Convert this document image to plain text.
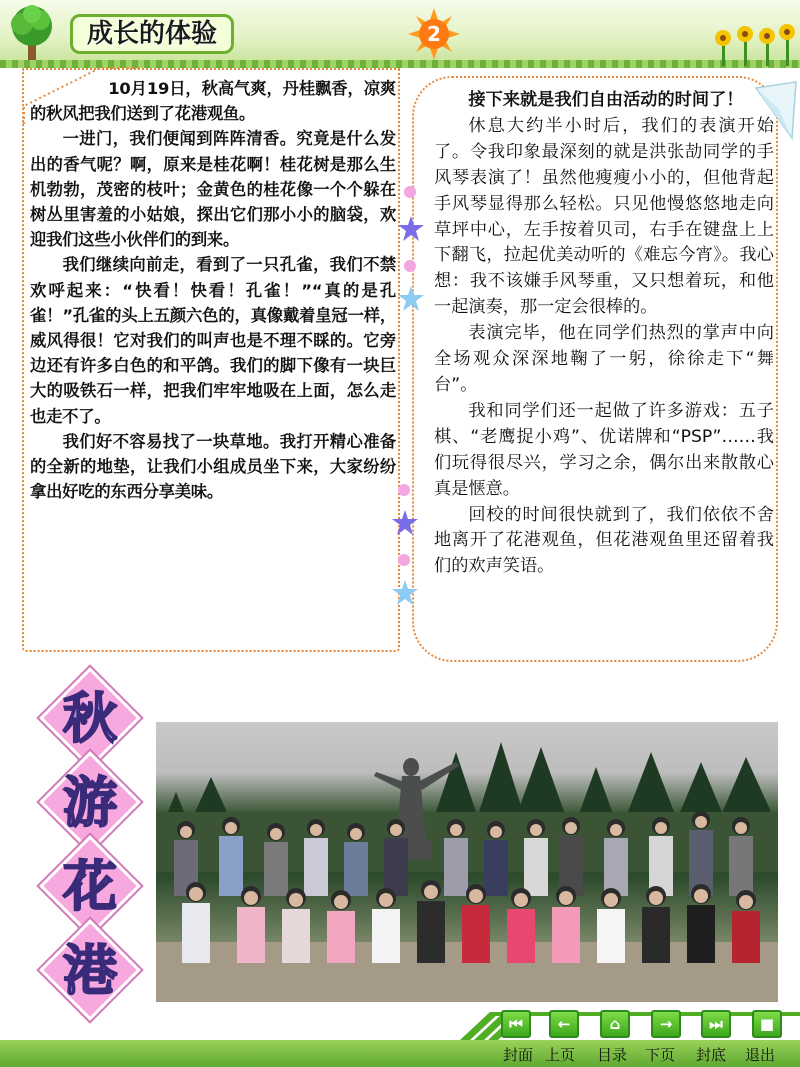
成长的体验	2

10月19日，秋高气爽，丹桂飘香，凉爽的秋风把我们送到了花港观鱼。

一进门，我们便闻到阵阵清香。究竟是什么发出的香气呢？啊，原来是桂花啊！桂花树是那么生机勃勃，茂密的枝叶；金黄色的桂花像一个个躲在树丛里害羞的小姑娘，探出它们那小小的脑袋，欢迎我们这些小伙伴们的到来。

我们继续向前走，看到了一只孔雀，我们不禁欢呼起来：“快看！快看！孔雀！”“真的是孔雀！”孔雀的头上五颜六色的，真像戴着皇冠一样，威风得很！它对我们的叫声也是不理不睬的。它旁边还有许多白色的和平鸽。我们的脚下像有一块巨大的吸铁石一样，把我们牢牢地吸在上面，怎么走也走不了。

我们好不容易找了一块草地。我打开精心准备的全新的地垫，让我们小组成员坐下来，大家纷纷拿出好吃的东西分享美味。

接下来就是我们自由活动的时间了！

休息大约半小时后，我们的表演开始了。令我印象最深刻的就是洪张劼同学的手风琴表演了！虽然他瘦瘦小小的，但他背起手风琴显得那么轻松。只见他慢悠悠地走向草坪中心，左手按着贝司，右手在键盘上上下翻飞，拉起优美动听的《难忘今宵》。我心想：我不该嫌手风琴重，又只想着玩，和他一起演奏，那一定会很棒的。

表演完毕，他在同学们热烈的掌声中向全场观众深深地鞠了一躬，徐徐走下“舞台”。

我和同学们还一起做了许多游戏：五子棋、“老鹰捉小鸡”、优诺牌和“PSP”……我们玩得很尽兴，学习之余，偶尔出来散散心真是惬意。

回校的时间很快就到了，我们依依不舍地离开了花港观鱼，但花港观鱼里还留着我们的欢声笑语。

秋
游
花
港
⏮	←	⌂	→	⏭	■
封面 上页 目录 下页 封底 退出
